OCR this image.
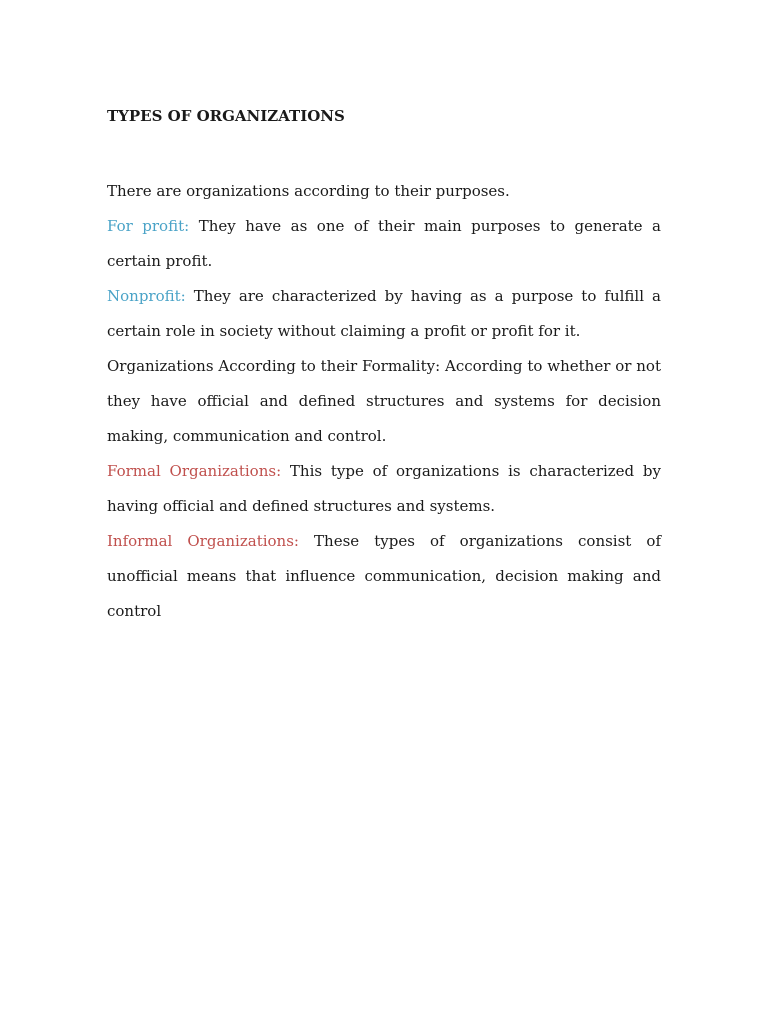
TYPES OF ORGANIZATIONS

There are organizations according to their purposes.

For profit: They have as one of their main purposes to generate a certain profit.

Nonprofit: They are characterized by having as a purpose to fulfill a certain role in society without claiming a profit or profit for it.

Organizations According to their Formality: According to whether or not they have official and defined structures and systems for decision making, communication and control.

Formal Organizations: This type of organizations is characterized by having official and defined structures and systems.

Informal Organizations: These types of organizations consist of unofficial means that influence communication, decision making and control
